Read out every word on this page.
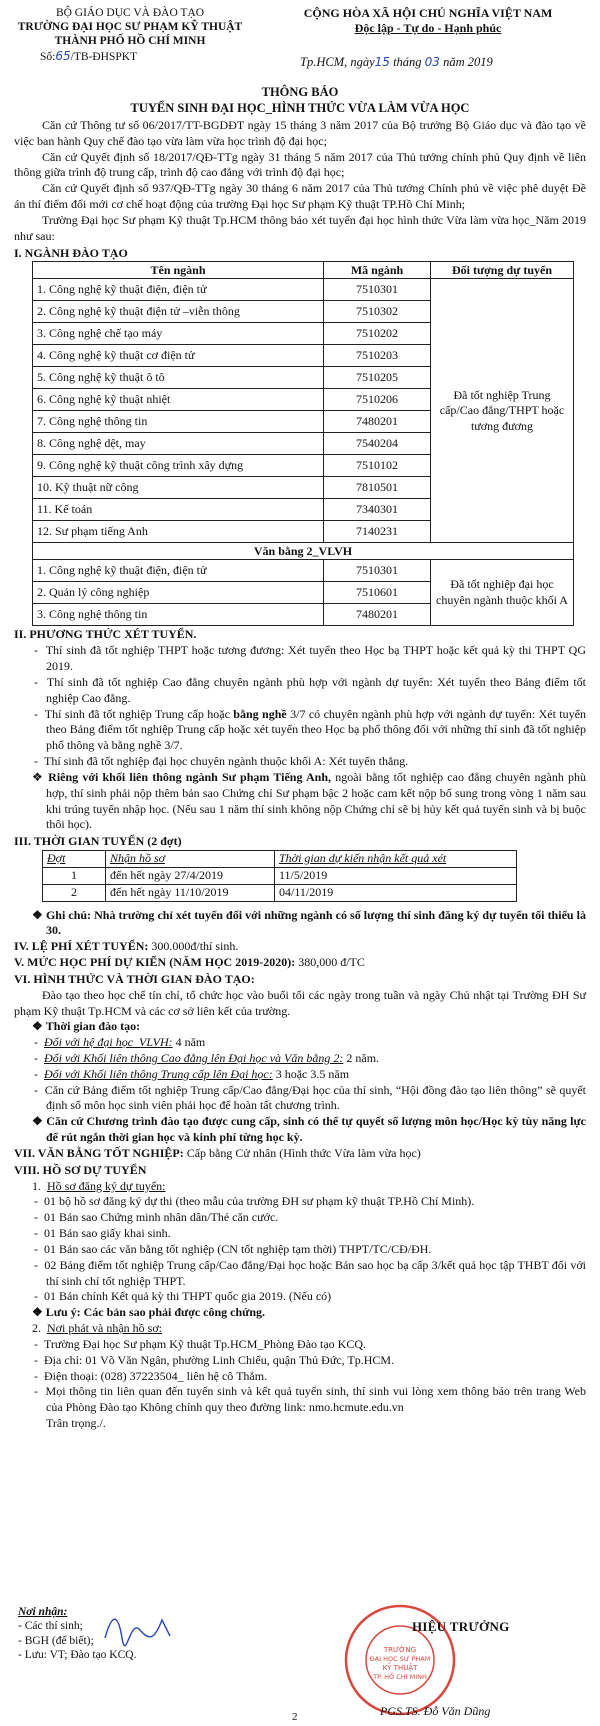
BỘ GIÁO DỤC VÀ ĐÀO TẠO
TRƯỜNG ĐẠI HỌC SƯ PHẠM KỸ THUẬT
THÀNH PHỐ HỒ CHÍ MINH
Số:65/TB-ĐHSPKT
CỘNG HÒA XÃ HỘI CHỦ NGHĨA VIỆT NAM
Độc lập - Tự do - Hạnh phúc
Tp.HCM, ngày15 tháng 03 năm 2019
THÔNG BÁO
TUYỂN SINH ĐẠI HỌC_HÌNH THỨC VỪA LÀM VỪA HỌC

Căn cứ Thông tư số 06/2017/TT-BGDĐT ngày 15 tháng 3 năm 2017 của Bộ trưởng Bộ Giáo dục và đào tạo về việc ban hành Quy chế đào tạo vừa làm vừa học trình độ đại học;

Căn cứ Quyết định số 18/2017/QĐ-TTg ngày 31 tháng 5 năm 2017 của Thủ tướng chính phủ Quy định về liên thông giữa trình độ trung cấp, trình độ cao đẳng với trình độ đại học;

Căn cứ Quyết định số 937/QĐ-TTg ngày 30 tháng 6 năm 2017 của Thủ tướng Chính phủ về việc phê duyệt Đề án thí điểm đổi mới cơ chế hoạt động của trường Đại học Sư phạm Kỹ thuật TP.Hồ Chí Minh;

Trường Đại học Sư phạm Kỹ thuật Tp.HCM thông báo xét tuyển đại học hình thức Vừa làm vừa học_Năm 2019 như sau:

I. NGÀNH ĐÀO TẠO
Tên ngành	Mã ngành	Đối tượng dự tuyển
1. Công nghệ kỹ thuật điện, điện tử	7510301	Đã tốt nghiệp Trung cấp/Cao đẳng/THPT hoặc tương đương
2. Công nghệ kỹ thuật điện tử –viễn thông	7510302	
3. Công nghệ chế tạo máy	7510202	
4. Công nghệ kỹ thuật cơ điện tử	7510203	
5. Công nghệ kỹ thuật ô tô	7510205	
6. Công nghệ kỹ thuật nhiệt	7510206	
7. Công nghệ thông tin	7480201	
8. Công nghệ dệt, may	7540204	
9. Công nghệ kỹ thuật công trình xây dựng	7510102	
10. Kỹ thuật nữ công	7810501	
11. Kế toán	7340301	
12. Sư phạm tiếng Anh	7140231	
Văn bằng 2_VLVH		
1. Công nghệ kỹ thuật điện, điện tử	7510301	Đã tốt nghiệp đại học chuyên ngành thuộc khối A
2. Quản lý công nghiệp	7510601	
3. Công nghệ thông tin	7480201	
II. PHƯƠNG THỨC XÉT TUYỂN.

-  Thí sinh đã tốt nghiệp THPT hoặc tương đương: Xét tuyển theo Học bạ THPT hoặc kết quả kỳ thi THPT QG 2019.

-  Thí sinh đã tốt nghiệp Cao đẳng chuyên ngành phù hợp với ngành dự tuyển: Xét tuyển theo Bảng điểm tốt nghiệp Cao đẳng.

-  Thí sinh đã tốt nghiệp Trung cấp hoặc bằng nghề 3/7 có chuyên ngành phù hợp với ngành dự tuyển: Xét tuyển theo Bảng điểm tốt nghiệp Trung cấp hoặc xét tuyển theo Học bạ phổ thông đối với những thí sinh đã tốt nghiệp phổ thông và bằng nghề 3/7.

-  Thí sinh đã tốt nghiệp đại học chuyên ngành thuộc khối A: Xét tuyển thẳng.

❖ Riêng với khối liên thông ngành Sư phạm Tiếng Anh, ngoài bằng tốt nghiệp cao đẳng chuyên ngành phù hợp, thí sinh phải nộp thêm bản sao Chứng chỉ Sư phạm bậc 2 hoặc cam kết nộp bổ sung trong vòng 1 năm sau khi trúng tuyển nhập học. (Nếu sau 1 năm thí sinh không nộp Chứng chỉ sẽ bị hủy kết quả tuyển sinh và bị buộc thôi học).

III. THỜI GIAN TUYỂN (2 đợt)
Đợt	Nhận hồ sơ	Thời gian dự kiến nhận kết quả xét
1	đến hết ngày 27/4/2019	11/5/2019
2	đến hết ngày 11/10/2019	04/11/2019

❖ Ghi chú: Nhà trường chỉ xét tuyển đối với những ngành có số lượng thí sinh đăng ký dự tuyển tối thiểu là 30.

IV. LỆ PHÍ XÉT TUYỂN: 300.000đ/thí sinh.

V. MỨC HỌC PHÍ DỰ KIẾN (NĂM HỌC 2019-2020): 380,000 đ/TC

VI. HÌNH THỨC VÀ THỜI GIAN ĐÀO TẠO:

Đào tạo theo học chế tín chỉ, tổ chức học vào buổi tối các ngày trong tuần và ngày Chủ nhật tại Trường ĐH Sư phạm Kỹ thuật Tp.HCM và các cơ sở liên kết của trường.

❖ Thời gian đào tạo:

-  Đối với hệ đại học_VLVH: 4 năm

-  Đối với Khối liên thông Cao đẳng lên Đại học và Văn bằng 2: 2 năm.

-  Đối với Khối liên thông Trung cấp lên Đại học: 3 hoặc 3.5 năm

-  Căn cứ Bảng điểm tốt nghiệp Trung cấp/Cao đẳng/Đại học của thí sinh, “Hội đồng đào tạo liên thông” sẽ quyết định số môn học sinh viên phải học để hoàn tất chương trình.

❖ Căn cứ Chương trình đào tạo được cung cấp, sinh có thể tự quyết số lượng môn học/Học kỳ tùy năng lực để rút ngắn thời gian học và kinh phí từng học kỳ.

VII. VĂN BẰNG TỐT NGHIỆP: Cấp bằng Cử nhân (Hình thức Vừa làm vừa học)

VIII. HỒ SƠ DỰ TUYỂN

1.  Hồ sơ đăng ký dự tuyển:

-  01 bộ hồ sơ đăng ký dự thi (theo mẫu của trường ĐH sư phạm kỹ thuật TP.Hồ Chí Minh).

-  01 Bản sao Chứng minh nhân dân/Thẻ căn cước.

-  01 Bản sao giấy khai sinh.

-  01 Bản sao các văn bằng tốt nghiệp (CN tốt nghiệp tạm thời) THPT/TC/CĐ/ĐH.

-  02 Bảng điểm tốt nghiệp Trung cấp/Cao đẳng/Đại học hoặc Bản sao học bạ cấp 3/kết quả học tập THBT đối với thí sinh chỉ tốt nghiệp THPT.

-  01 Bản chính Kết quả kỳ thi THPT quốc gia 2019. (Nếu có)

❖ Lưu ý: Các bản sao phải được công chứng.

2.  Nơi phát và nhận hồ sơ:

-  Trường Đại học Sư phạm Kỹ thuật Tp.HCM_Phòng Đào tạo KCQ.

-  Địa chỉ: 01 Võ Văn Ngân, phường Linh Chiểu, quận Thủ Đức, Tp.HCM.

-  Điện thoại: (028) 37223504_ liên hệ cô Thắm.

-  Mọi thông tin liên quan đến tuyển sinh và kết quả tuyển sinh, thí sinh vui lòng xem thông báo trên trang Web của Phòng Đào tạo Không chính quy theo đường link: nmo.hcmute.edu.vn

Trân trọng./.

Nơi nhận:
- Các thí sinh;
- BGH (để biết);
- Lưu: VT; Đào tạo KCQ.	TRƯỜNG
ĐẠI HỌC SƯ PHẠM
KỸ THUẬT
TP. HỒ CHÍ MINH
HIỆU TRƯỞNG
PGS.TS. Đỗ Văn Dũng
2
